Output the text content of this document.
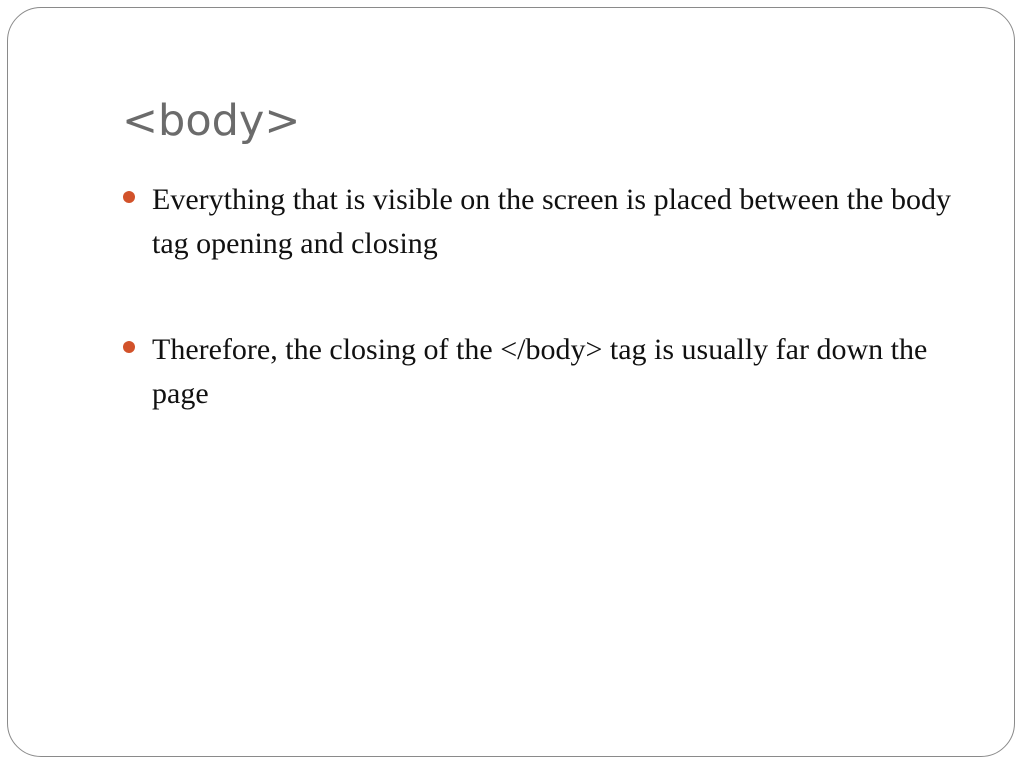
<body>
Everything that is visible on the screen is placed between the body tag opening and closing
Therefore, the closing of the </body> tag is usually far down the page
